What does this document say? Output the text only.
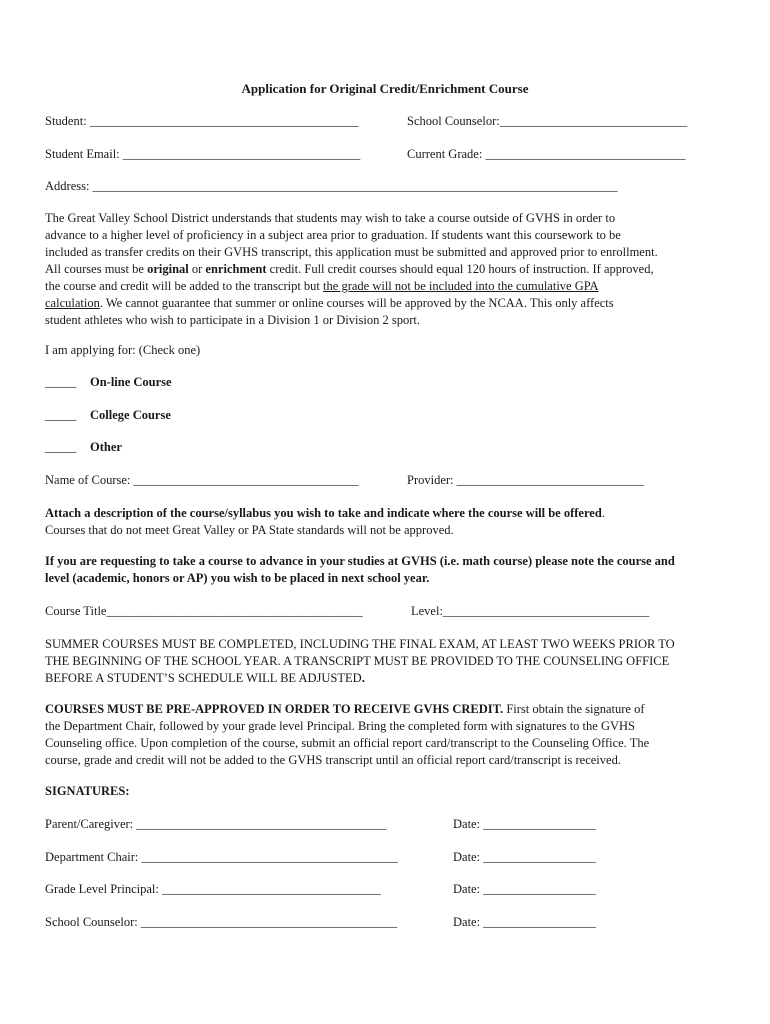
Application for Original Credit/Enrichment Course
Student: ___________________________________________	School Counselor:______________________________
Student Email: ______________________________________	Current Grade: ________________________________
Address: ____________________________________________________________________________________
The Great Valley School District understands that students may wish to take a course outside of GVHS in order to
advance to a higher level of proficiency in a subject area prior to graduation. If students want this coursework to be
included as transfer credits on their GVHS transcript, this application must be submitted and approved prior to enrollment.
All courses must be original or enrichment credit. Full credit courses should equal 120 hours of instruction. If approved,
the course and credit will be added to the transcript but the grade will not be included into the cumulative GPA
calculation. We cannot guarantee that summer or online courses will be approved by the NCAA. This only affects
student athletes who wish to participate in a Division 1 or Division 2 sport.
I am applying for: (Check one)
_____ On-line Course
_____ College Course
_____ Other
Name of Course: ____________________________________	Provider: ______________________________
Attach a description of the course/syllabus you wish to take and indicate where the course will be offered.
Courses that do not meet Great Valley or PA State standards will not be approved.
If you are requesting to take a course to advance in your studies at GVHS (i.e. math course) please note the course and
level (academic, honors or AP) you wish to be placed in next school year.
Course Title_________________________________________	Level:_________________________________
SUMMER COURSES MUST BE COMPLETED, INCLUDING THE FINAL EXAM, AT LEAST TWO WEEKS PRIOR TO
THE BEGINNING OF THE SCHOOL YEAR. A TRANSCRIPT MUST BE PROVIDED TO THE COUNSELING OFFICE
BEFORE A STUDENT’S SCHEDULE WILL BE ADJUSTED.
COURSES MUST BE PRE-APPROVED IN ORDER TO RECEIVE GVHS CREDIT. First obtain the signature of
the Department Chair, followed by your grade level Principal. Bring the completed form with signatures to the GVHS
Counseling office. Upon completion of the course, submit an official report card/transcript to the Counseling Office. The
course, grade and credit will not be added to the GVHS transcript until an official report card/transcript is received.
SIGNATURES:
Parent/Caregiver: ________________________________________	Date: __________________
Department Chair: _________________________________________	Date: __________________
Grade Level Principal: ___________________________________	Date: __________________
School Counselor: _________________________________________	Date: __________________
